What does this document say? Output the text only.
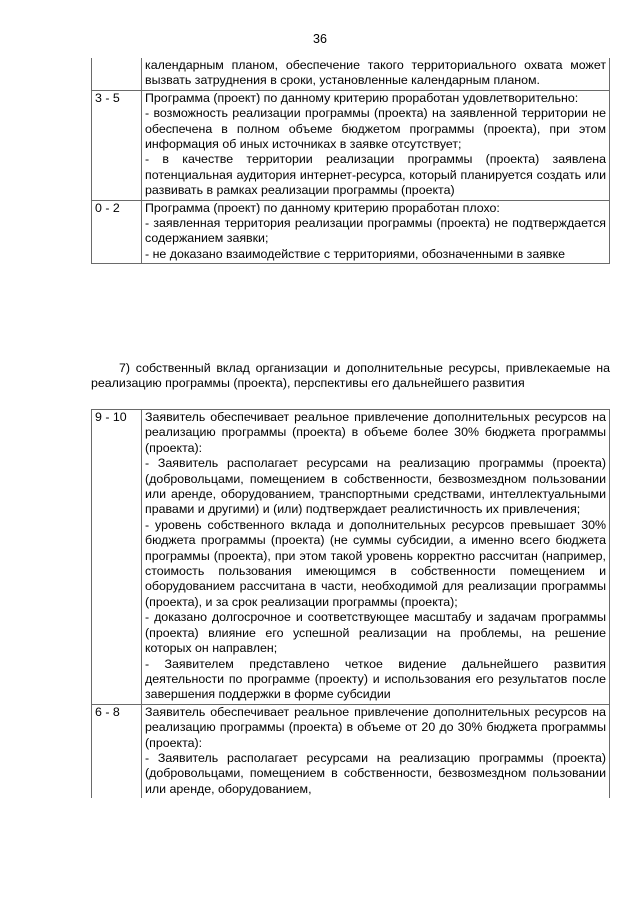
36

	календарным планом, обеспечение такого территориального охвата может вызвать затруднения в сроки, установленные календарным планом.

3 - 5	Программа (проект) по данному критерию проработан удовлетворительно:
- возможность реализации программы (проекта) на заявленной территории не обеспечена в полном объеме бюджетом программы (проекта), при этом информация об иных источниках в заявке отсутствует;
- в качестве территории реализации программы (проекта) заявлена потенциальная аудитория интернет-ресурса, который планируется создать или развивать в рамках реализации программы (проекта)

0 - 2	Программа (проект) по данному критерию проработан плохо:
- заявленная территория реализации программы (проекта) не подтверждается содержанием заявки;
- не доказано взаимодействие с территориями, обозначенными в заявке
7) собственный вклад организации и дополнительные ресурсы, привлекаемые на реализацию программы (проекта), перспективы его дальнейшего развития
9 - 10	Заявитель обеспечивает реальное привлечение дополнительных ресурсов на реализацию программы (проекта) в объеме более 30% бюджета программы (проекта):
- Заявитель располагает ресурсами на реализацию программы (проекта) (добровольцами, помещением в собственности, безвозмездном пользовании или аренде, оборудованием, транспортными средствами, интеллектуальными правами и другими) и (или) подтверждает реалистичность их привлечения;
- уровень собственного вклада и дополнительных ресурсов превышает 30% бюджета программы (проекта) (не суммы субсидии, а именно всего бюджета программы (проекта), при этом такой уровень корректно рассчитан (например, стоимость пользования имеющимся в собственности помещением и оборудованием рассчитана в части, необходимой для реализации программы (проекта), и за срок реализации программы (проекта);
- доказано долгосрочное и соответствующее масштабу и задачам программы (проекта) влияние его успешной реализации на проблемы, на решение которых он направлен;
- Заявителем представлено четкое видение дальнейшего развития деятельности по программе (проекту) и использования его результатов после завершения поддержки в форме субсидии

6 - 8	Заявитель обеспечивает реальное привлечение дополнительных ресурсов на реализацию программы (проекта) в объеме от 20 до 30% бюджета программы (проекта):
- Заявитель располагает ресурсами на реализацию программы (проекта) (добровольцами, помещением в собственности, безвозмездном пользовании или аренде, оборудованием,
